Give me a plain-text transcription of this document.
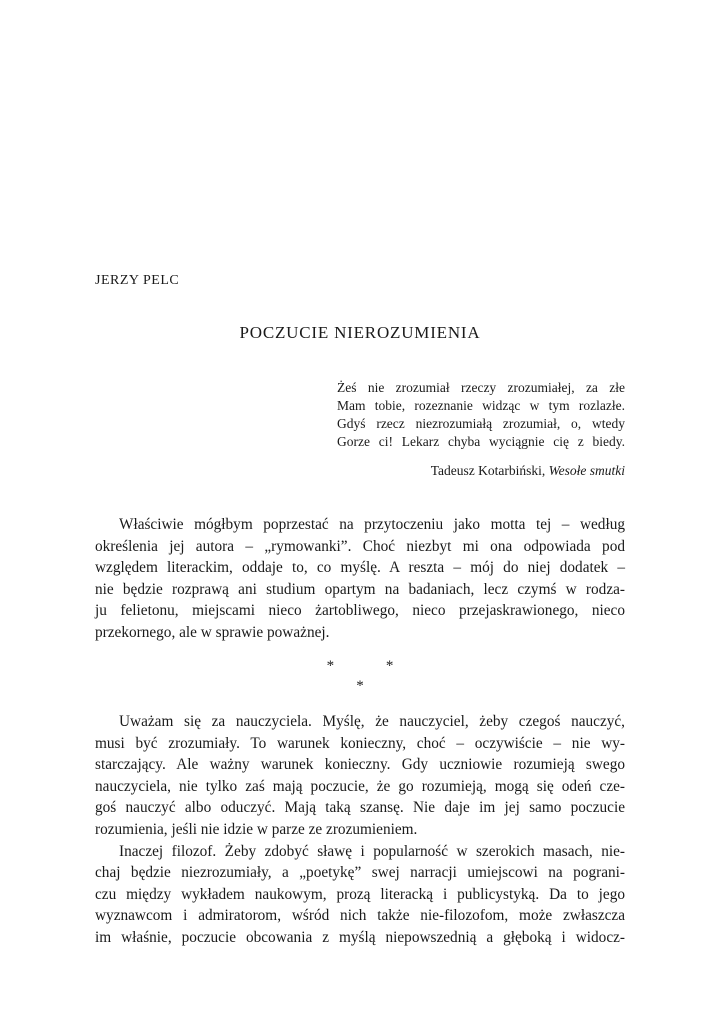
JERZY PELC
POCZUCIE NIEROZUMIENIA
Żeś nie zrozumiał rzeczy zrozumiałej, za złe
Mam tobie, rozeznanie widząc w tym rozlazłe.
Gdyś rzecz niezrozumiałą zrozumiał, o, wtedy
Gorze ci! Lekarz chyba wyciągnie cię z biedy.
Tadeusz Kotarbiński, Wesołe smutki
Właściwie mógłbym poprzestać na przytoczeniu jako motta tej – według
określenia jej autora – „rymowanki”. Choć niezbyt mi ona odpowiada pod
względem literackim, oddaje to, co myślę. A reszta – mój do niej dodatek –
nie będzie rozprawą ani studium opartym na badaniach, lecz czymś w rodza-
ju felietonu, miejscami nieco żartobliwego, nieco przejaskrawionego, nieco
przekornego, ale w sprawie poważnej.
* *
*
Uważam się za nauczyciela. Myślę, że nauczyciel, żeby czegoś nauczyć,
musi być zrozumiały. To warunek konieczny, choć – oczywiście – nie wy-
starczający. Ale ważny warunek konieczny. Gdy uczniowie rozumieją swego
nauczyciela, nie tylko zaś mają poczucie, że go rozumieją, mogą się odeń cze-
goś nauczyć albo oduczyć. Mają taką szansę. Nie daje im jej samo poczucie
rozumienia, jeśli nie idzie w parze ze zrozumieniem.
Inaczej filozof. Żeby zdobyć sławę i popularność w szerokich masach, nie-
chaj będzie niezrozumiały, a „poetykę” swej narracji umiejscowi na pograni-
czu między wykładem naukowym, prozą literacką i publicystyką. Da to jego
wyznawcom i admiratorom, wśród nich także nie-filozofom, może zwłaszcza
im właśnie, poczucie obcowania z myślą niepowszednią a głęboką i widocz-
